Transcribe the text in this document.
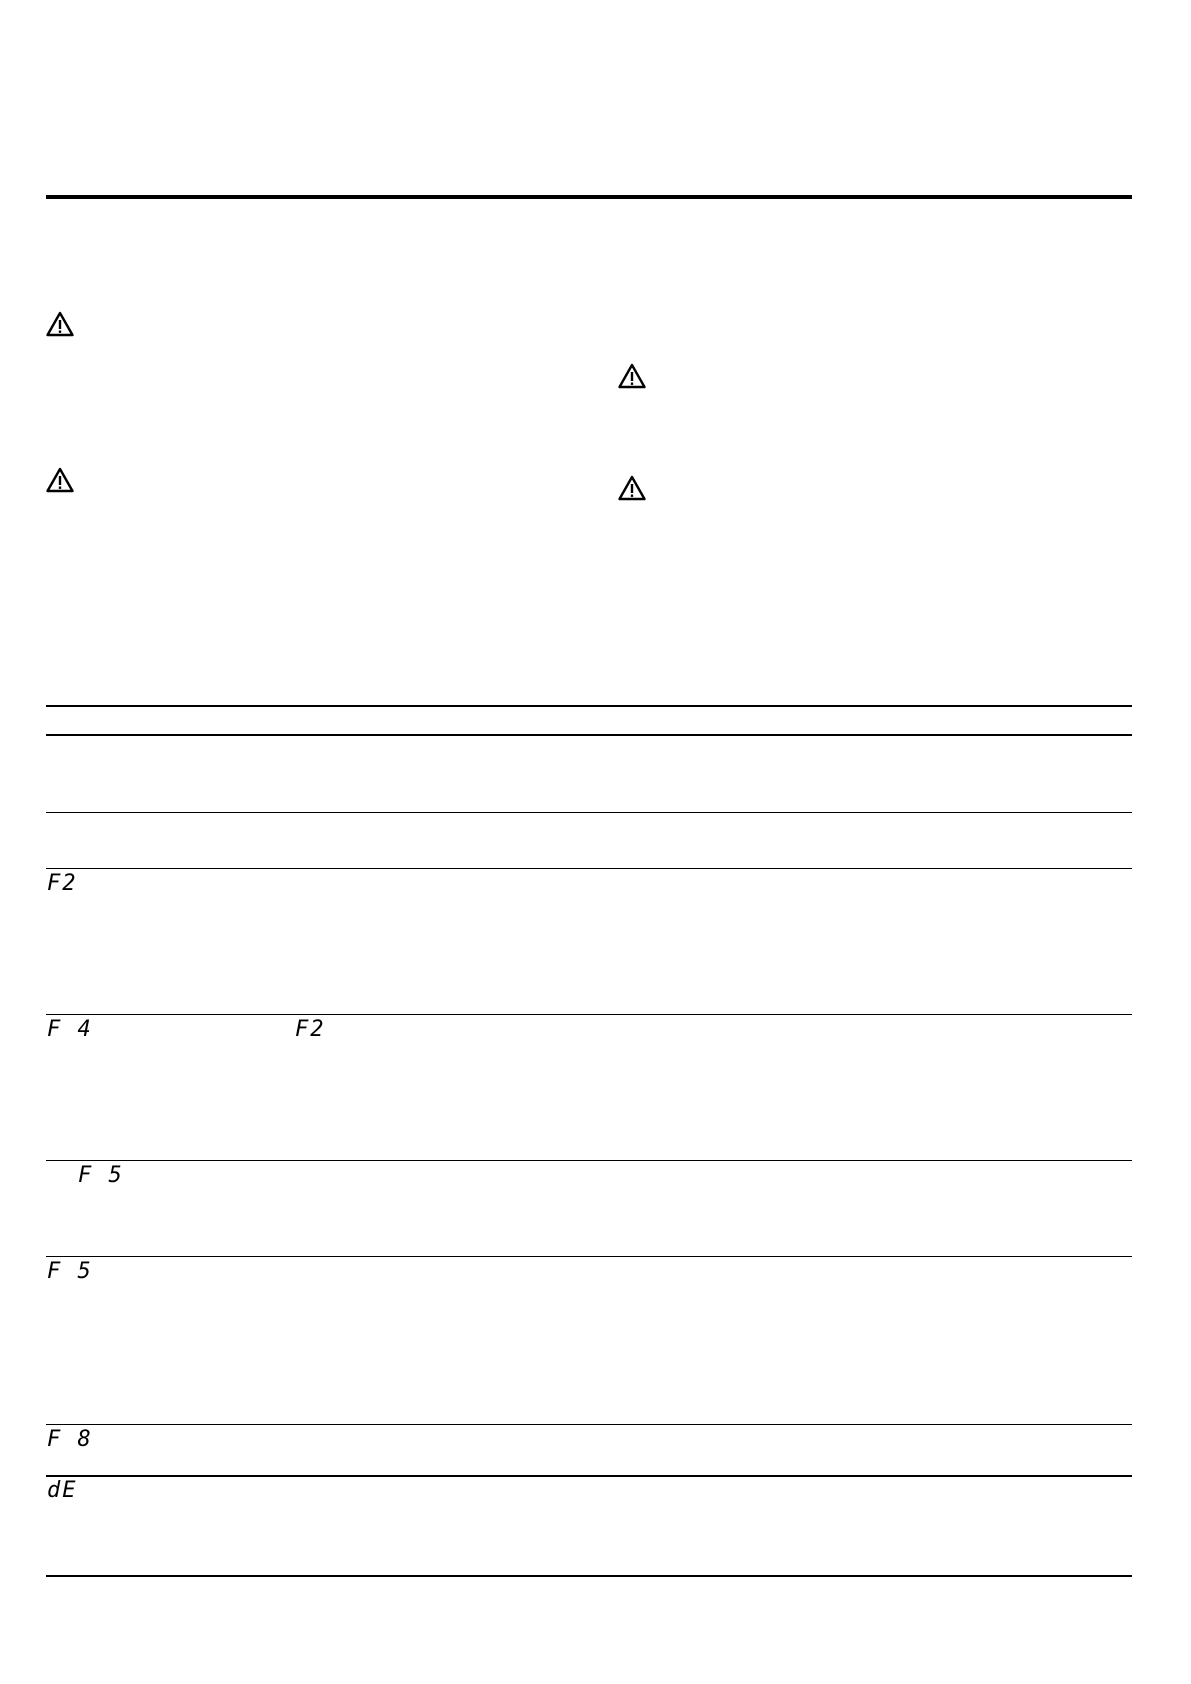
F2
F 4	F2
F 5
F 5
F 8
dE
